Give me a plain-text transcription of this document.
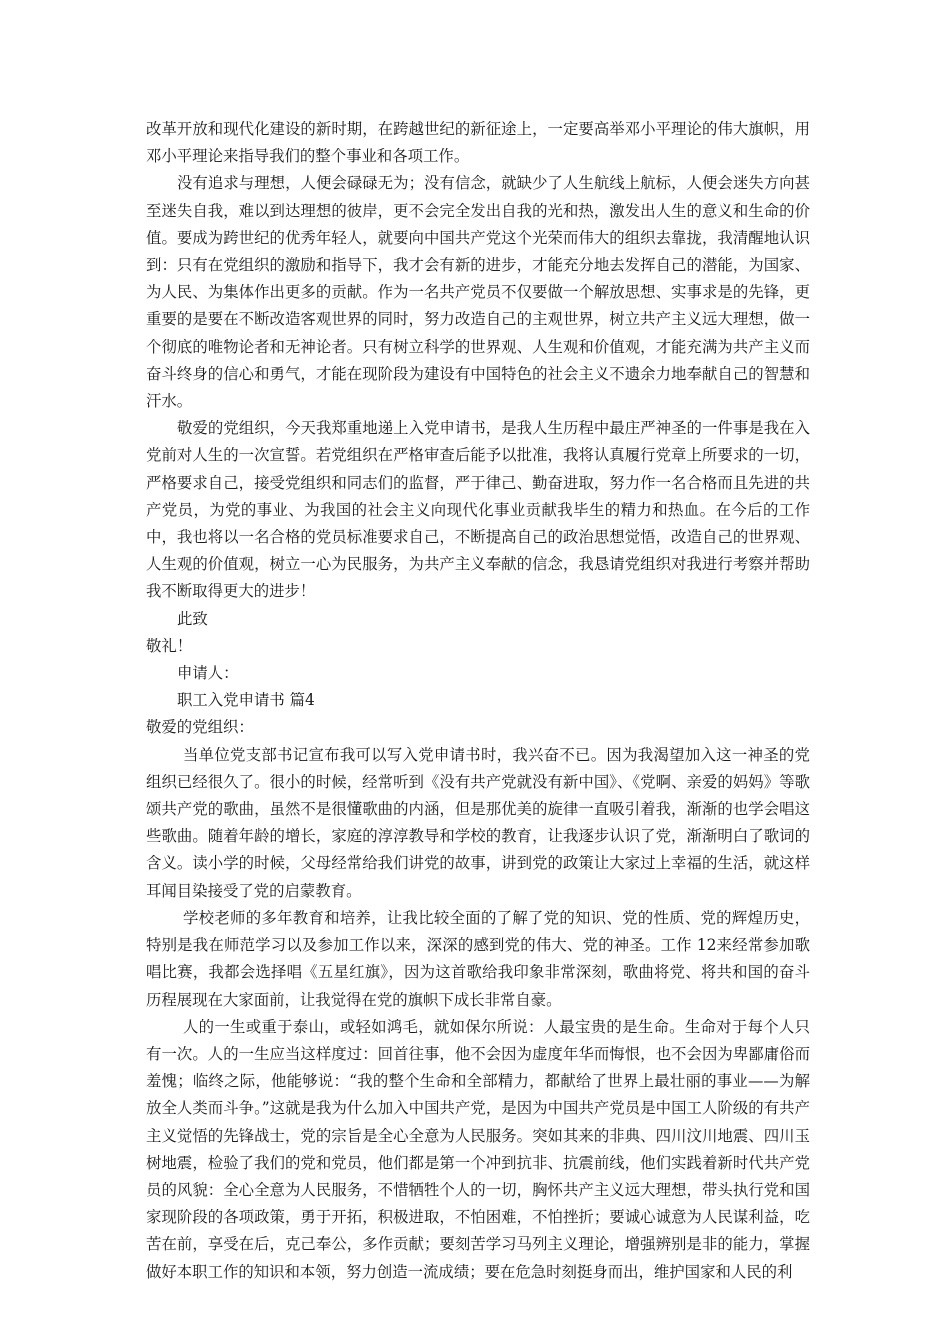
改革开放和现代化建设的新时期，在跨越世纪的新征途上，一定要高举邓小平理论的伟大旗帜，用邓小平理论来指导我们的整个事业和各项工作。

没有追求与理想，人便会碌碌无为；没有信念，就缺少了人生航线上航标，人便会迷失方向甚至迷失自我，难以到达理想的彼岸，更不会完全发出自我的光和热，激发出人生的意义和生命的价值。要成为跨世纪的优秀年轻人，就要向中国共产党这个光荣而伟大的组织去靠拢，我清醒地认识到：只有在党组织的激励和指导下，我才会有新的进步，才能充分地去发挥自己的潜能，为国家、为人民、为集体作出更多的贡献。作为一名共产党员不仅要做一个解放思想、实事求是的先锋，更重要的是要在不断改造客观世界的同时，努力改造自己的主观世界，树立共产主义远大理想，做一个彻底的唯物论者和无神论者。只有树立科学的世界观、人生观和价值观，才能充满为共产主义而奋斗终身的信心和勇气，才能在现阶段为建设有中国特色的社会主义不遗余力地奉献自己的智慧和汗水。

敬爱的党组织，今天我郑重地递上入党申请书，是我人生历程中最庄严神圣的一件事是我在入党前对人生的一次宣誓。若党组织在严格审查后能予以批准，我将认真履行党章上所要求的一切，严格要求自己，接受党组织和同志们的监督，严于律己、勤奋进取，努力作一名合格而且先进的共产党员，为党的事业、为我国的社会主义向现代化事业贡献我毕生的精力和热血。在今后的工作中，我也将以一名合格的党员标准要求自己，不断提高自己的政治思想觉悟，改造自己的世界观、人生观的价值观，树立一心为民服务，为共产主义奉献的信念，我恳请党组织对我进行考察并帮助我不断取得更大的进步！

此致

敬礼！

申请人：

职工入党申请书 篇4

敬爱的党组织：

当单位党支部书记宣布我可以写入党申请书时，我兴奋不已。因为我渴望加入这一神圣的党组织已经很久了。很小的时候，经常听到《没有共产党就没有新中国》、《党啊、亲爱的妈妈》等歌颂共产党的歌曲，虽然不是很懂歌曲的内涵，但是那优美的旋律一直吸引着我，渐渐的也学会唱这些歌曲。随着年龄的增长，家庭的淳淳教导和学校的教育，让我逐步认识了党，渐渐明白了歌词的含义。读小学的时候，父母经常给我们讲党的故事，讲到党的政策让大家过上幸福的生活，就这样耳闻目染接受了党的启蒙教育。

学校老师的多年教育和培养，让我比较全面的了解了党的知识、党的性质、党的辉煌历史，特别是我在师范学习以及参加工作以来，深深的感到党的伟大、党的神圣。工作 12来经常参加歌唱比赛，我都会选择唱《五星红旗》，因为这首歌给我印象非常深刻，歌曲将党、将共和国的奋斗历程展现在大家面前，让我觉得在党的旗帜下成长非常自豪。

人的一生或重于泰山，或轻如鸿毛，就如保尔所说：人最宝贵的是生命。生命对于每个人只有一次。人的一生应当这样度过：回首往事，他不会因为虚度年华而悔恨，也不会因为卑鄙庸俗而羞愧；临终之际，他能够说：“我的整个生命和全部精力，都献给了世界上最壮丽的事业——为解放全人类而斗争。”这就是我为什么加入中国共产党，是因为中国共产党员是中国工人阶级的有共产主义觉悟的先锋战士，党的宗旨是全心全意为人民服务。突如其来的非典、四川汶川地震、四川玉树地震，检验了我们的党和党员，他们都是第一个冲到抗非、抗震前线，他们实践着新时代共产党员的风貌：全心全意为人民服务，不惜牺牲个人的一切，胸怀共产主义远大理想，带头执行党和国家现阶段的各项政策，勇于开拓，积极进取，不怕困难，不怕挫折；要诚心诚意为人民谋利益，吃苦在前，享受在后，克己奉公，多作贡献；要刻苦学习马列主义理论，增强辨别是非的能力，掌握做好本职工作的知识和本领，努力创造一流成绩；要在危急时刻挺身而出，维护国家和人民的利
